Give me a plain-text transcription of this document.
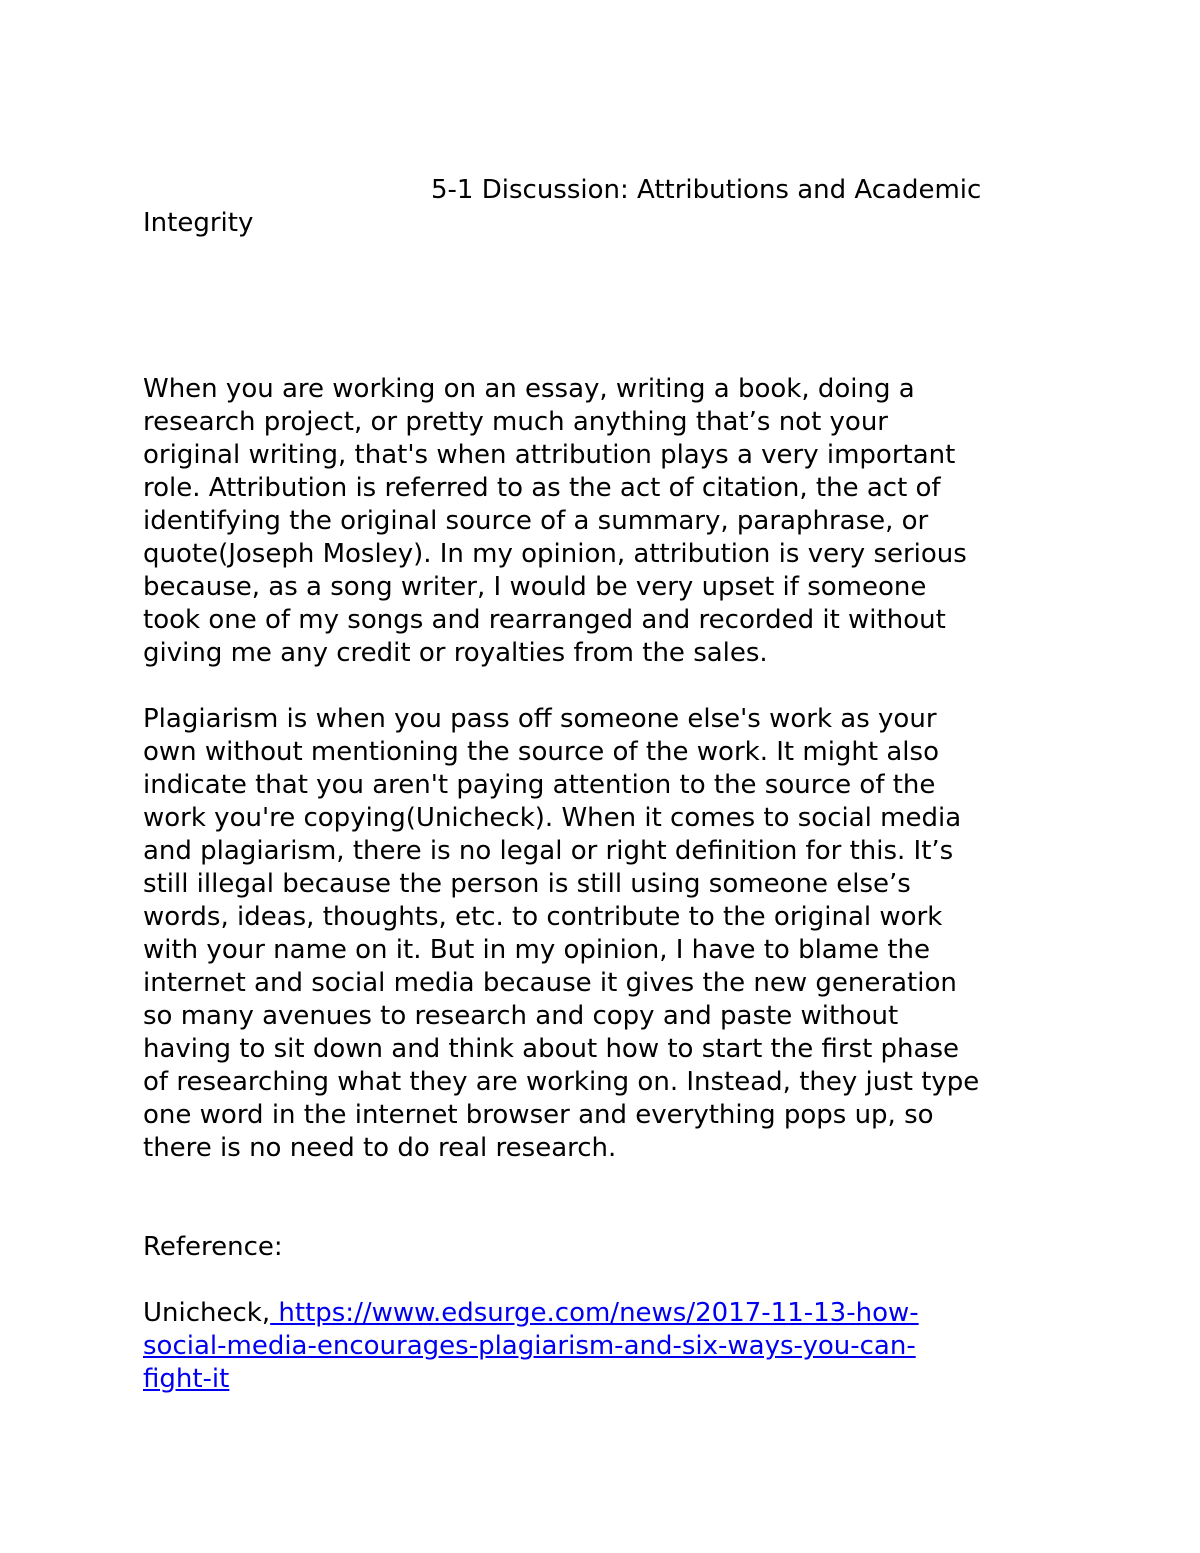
5-1 Discussion: Attributions and Academic Integrity

When you are working on an essay, writing a book, doing a
research project, or pretty much anything that’s not your
original writing, that's when attribution plays a very important
role. Attribution is referred to as the act of citation, the act of
identifying the original source of a summary, paraphrase, or
quote(Joseph Mosley). In my opinion, attribution is very serious
because, as a song writer, I would be very upset if someone
took one of my songs and rearranged and recorded it without
giving me any credit or royalties from the sales.

Plagiarism is when you pass off someone else's work as your
own without mentioning the source of the work. It might also
indicate that you aren't paying attention to the source of the
work you're copying(Unicheck). When it comes to social media
and plagiarism, there is no legal or right definition for this. It’s
still illegal because the person is still using someone else’s
words, ideas, thoughts, etc. to contribute to the original work
with your name on it. But in my opinion, I have to blame the
internet and social media because it gives the new generation
so many avenues to research and copy and paste without
having to sit down and think about how to start the first phase
of researching what they are working on. Instead, they just type
one word in the internet browser and everything pops up, so
there is no need to do real research.

Reference:

Unicheck, https://www.edsurge.com/news/2017-11-13-how-
social-media-encourages-plagiarism-and-six-ways-you-can-
fight-it
